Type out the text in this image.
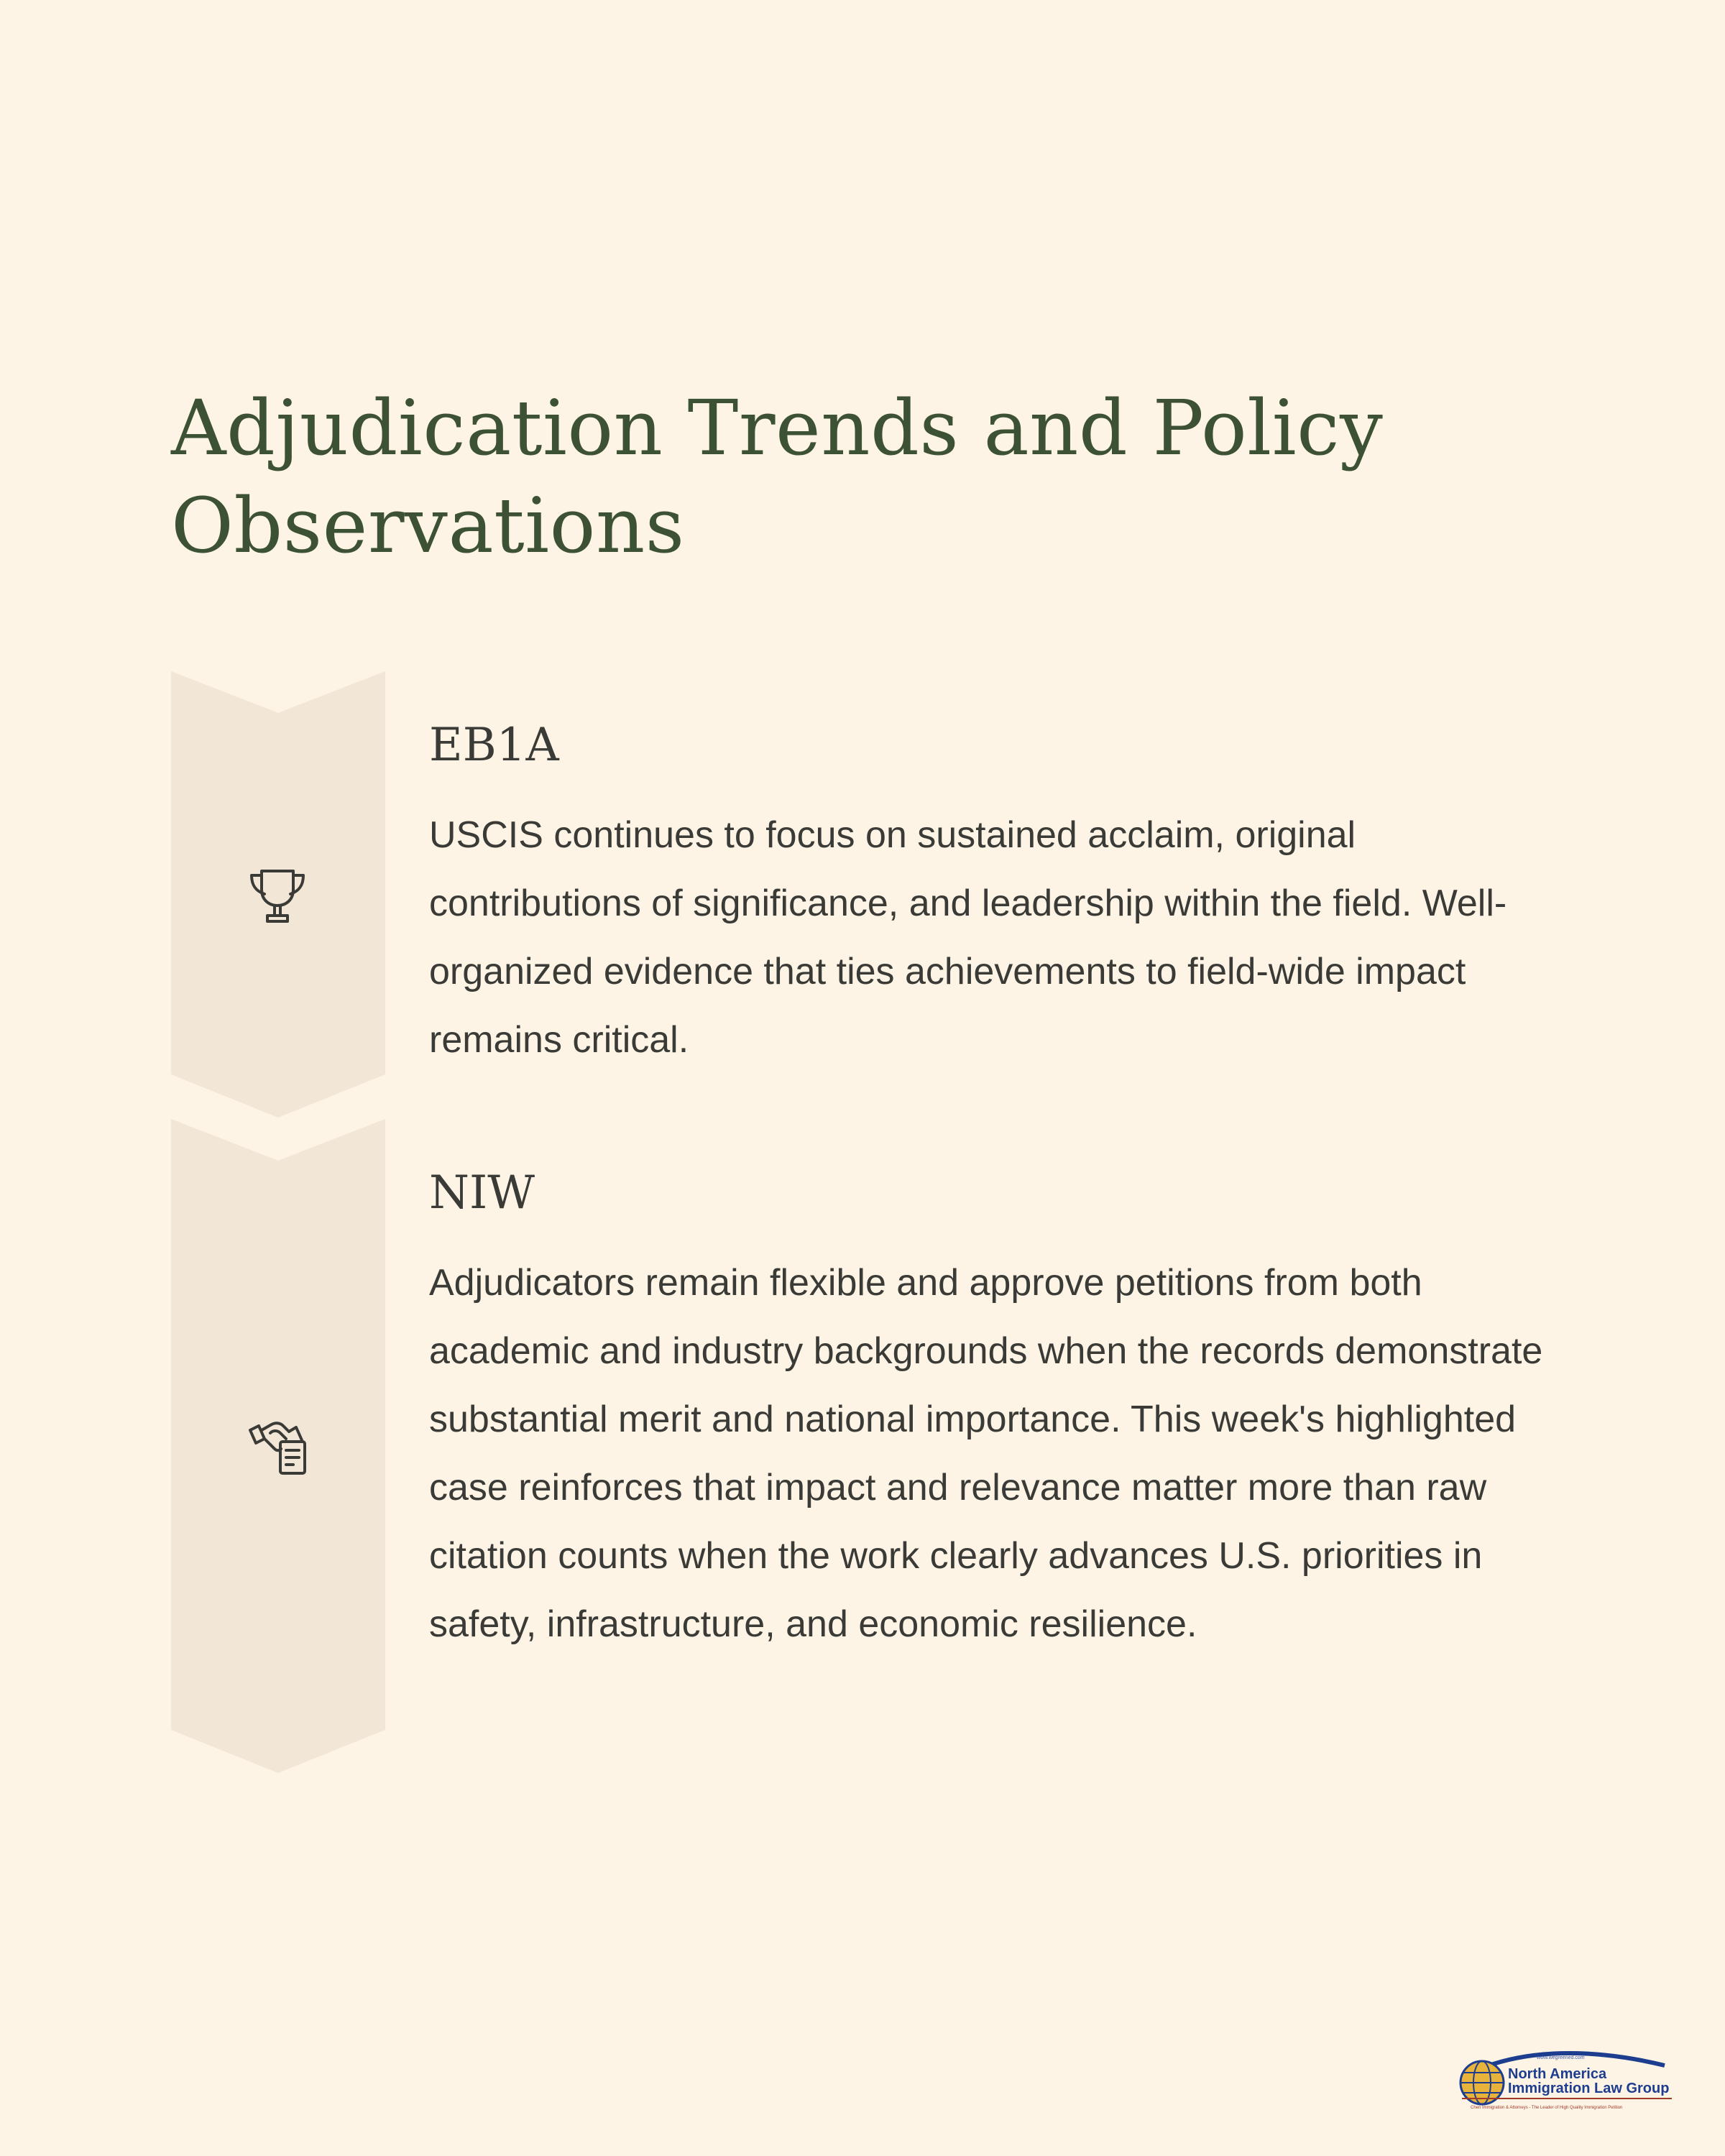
Adjudication Trends and Policy Observations
EB1A

USCIS continues to focus on sustained acclaim, original contributions of significance, and leadership within the field. Well-organized evidence that ties achievements to field-wide impact remains critical.

NIW

Adjudicators remain flexible and approve petitions from both academic and industry backgrounds when the records demonstrate substantial merit and national importance. This week's highlighted case reinforces that impact and relevance matter more than raw citation counts when the work clearly advances U.S. priorities in safety, infrastructure, and economic resilience.

www.wegreened.com
North America
Immigration Law Group
Chen Immigration & Attorneys - The Leader of High Quality Immigration Petition
